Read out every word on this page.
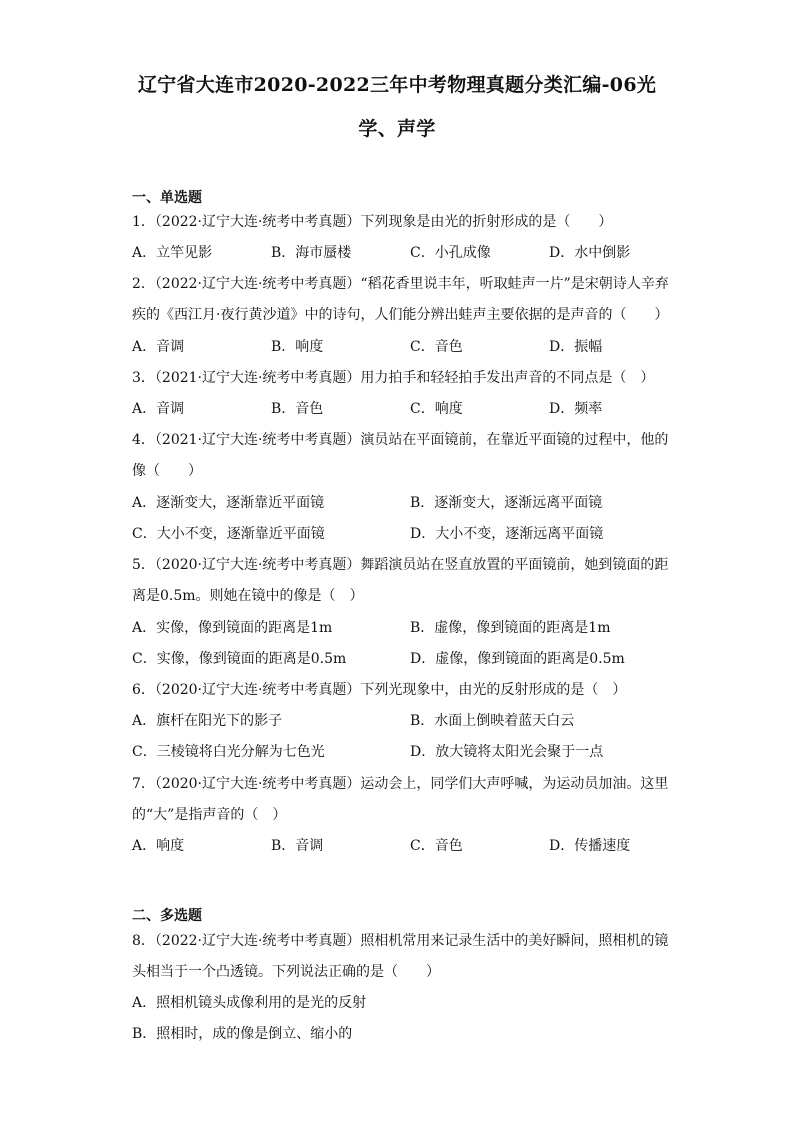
辽宁省大连市2020-2022三年中考物理真题分类汇编-06光
学、声学
一、单选题
1．（2022·辽宁大连·统考中考真题）下列现象是由光的折射形成的是（　　）
A．立竿见影	B．海市蜃楼	C．小孔成像	D．水中倒影
2．（2022·辽宁大连·统考中考真题）“稻花香里说丰年，听取蛙声一片”是宋朝诗人辛弃
疾的《西江月·夜行黄沙道》中的诗句，人们能分辨出蛙声主要依据的是声音的（　　）
A．音调	B．响度	C．音色	D．振幅
3．（2021·辽宁大连·统考中考真题）用力拍手和轻轻拍手发出声音的不同点是（　）
A．音调	B．音色	C．响度	D．频率
4．（2021·辽宁大连·统考中考真题）演员站在平面镜前，在靠近平面镜的过程中，他的
像（　　）
A．逐渐变大，逐渐靠近平面镜	B．逐渐变大，逐渐远离平面镜
C．大小不变，逐渐靠近平面镜	D．大小不变，逐渐远离平面镜
5．（2020·辽宁大连·统考中考真题）舞蹈演员站在竖直放置的平面镜前，她到镜面的距
离是0.5m。则她在镜中的像是（　）
A．实像，像到镜面的距离是1m	B．虚像，像到镜面的距离是1m
C．实像，像到镜面的距离是0.5m	D．虚像，像到镜面的距离是0.5m
6．（2020·辽宁大连·统考中考真题）下列光现象中，由光的反射形成的是（　）
A．旗杆在阳光下的影子	B．水面上倒映着蓝天白云
C．三棱镜将白光分解为七色光	D．放大镜将太阳光会聚于一点
7．（2020·辽宁大连·统考中考真题）运动会上，同学们大声呼喊，为运动员加油。这里
的“大”是指声音的（　）
A．响度	B．音调	C．音色	D．传播速度
二、多选题
8．（2022·辽宁大连·统考中考真题）照相机常用来记录生活中的美好瞬间，照相机的镜
头相当于一个凸透镜。下列说法正确的是（　　）
A．照相机镜头成像利用的是光的反射
B．照相时，成的像是倒立、缩小的
